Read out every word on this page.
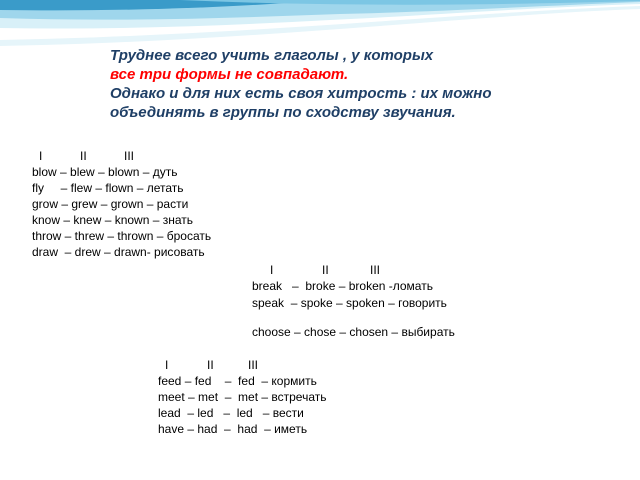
Труднее всего учить глаголы , у которых
все три формы не совпадают.
Однако и для них есть своя хитрость : их можно
объединять в группы по сходству звучания.
I	II	III
blow – blew – blown – дуть
fly     – flew – flown – летать
grow – grew – grown – расти
know – knew – known – знать
throw – threw – thrown – бросать
draw  – drew – drawn- рисовать
I	II	III
break   –  broke – broken -ломать
speak  – spoke – spoken – говорить
choose – chose – chosen – выбирать
I	II	III
feed – fed    –  fed  – кормить
meet – met  –  met – встречать
lead  – led   –  led   – вести
have – had  –  had  – иметь
